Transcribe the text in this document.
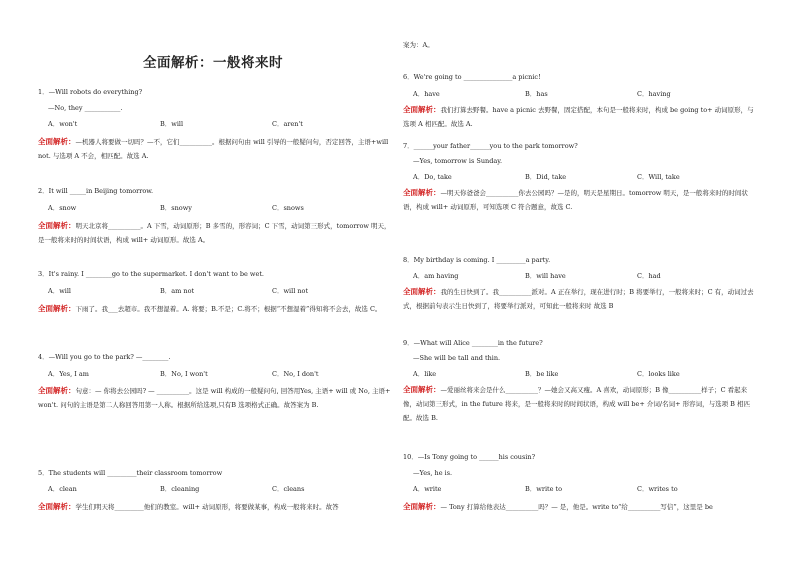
全面解析：一般将来时
1．—Will robots do everything?
—No, they ___________.
A．won't	B．will	C．aren't
全面解析：—机器人将要做一切吗？—不，它们__________。根据问句由 will 引导的一般疑问句，否定回答，主语+will not. 与选项 A 不会，相匹配。故选 A.
2．It will _____in Beijing tomorrow.
A．snow	B．snowy	C．snows
全面解析：明天北京将__________。A 下雪，动词原形；B 多雪的，形容词；C 下雪，动词第三形式，tomorrow 明天，是一般将来时的时间状语，构成 will+ 动词原形。故选 A。
3．It's rainy. I ________go to the supermarket. I don't want to be wet.
A．will	B．am not	C．will not
全面解析：下雨了。我___去超市。我不想湿着。A. 将要；B.不是；C.将不；根据“不想湿着”得知将不会去，故选 C。
4．—Will you go to the park? —________.
A．Yes, I am	B．No, I won't	C．No, I don't
全面解析：句意：— 你将去公园吗? — __________。这是 will 构成的一般疑问句, 回答用Yes, 主语+ will 或 No, 主语+won't. 问句的主语是第二人称回答用第一人称。根据所给选项,只有B 选项格式正确。故答案为 B.
5．The students will _________their classroom tomorrow
A．clean	B．cleaning	C．cleans
全面解析：学生们明天将_________他们的教室。will+ 动词原形，将要做某事，构成一般将来时。故答
案为：A。
6．We're going to _______________a picnic!
A．have	B．has	C．having
全面解析：我们打算去野餐。have a picnic 去野餐，固定搭配，本句是一般将来时，构成 be going to+ 动词原形，与选项 A 相匹配。故选 A.
7．______your father______you to the park tomorrow?
—Yes, tomorrow is Sunday.
A．Do, take	B．Did, take	C．Will, take
全面解析：—明天你爸爸会__________你去公园吗？—是的，明天是星期日。tomorrow 明天，是一般将来时的时间状语，构成 will+ 动词原形，可知选项 C 符合题意，故选 C.
8．My birthday is coming. I _________a party.
A．am having	B．will have	C．had
全面解析：我的生日快到了。我__________派对。A 正在举行，现在进行时；B 将要举行，一般将来时；C 有，动词过去式，根据前句表示生日快到了，将要举行派对，可知此一般将来时 故选 B
9．—What will Alice ________in the future?
—She will be tall and thin.
A．like	B．be like	C．looks like
全面解析：—爱丽丝将来会是什么__________？—她会又高又瘦。A 喜欢，动词原形；B 像__________样子；C 看起来像，动词第三形式，in the future 将来，是一般将来时的时间状语，构成 will be+ 介词/名词+ 形容词，与选项 B 相匹配。故选 B.
10．—Is Tony going to ______his cousin?
—Yes, he is.
A．write	B．write to	C．writes to
全面解析：— Tony 打算给他表达__________吗？— 是，他是。write to“给__________写信”，这里是 be
